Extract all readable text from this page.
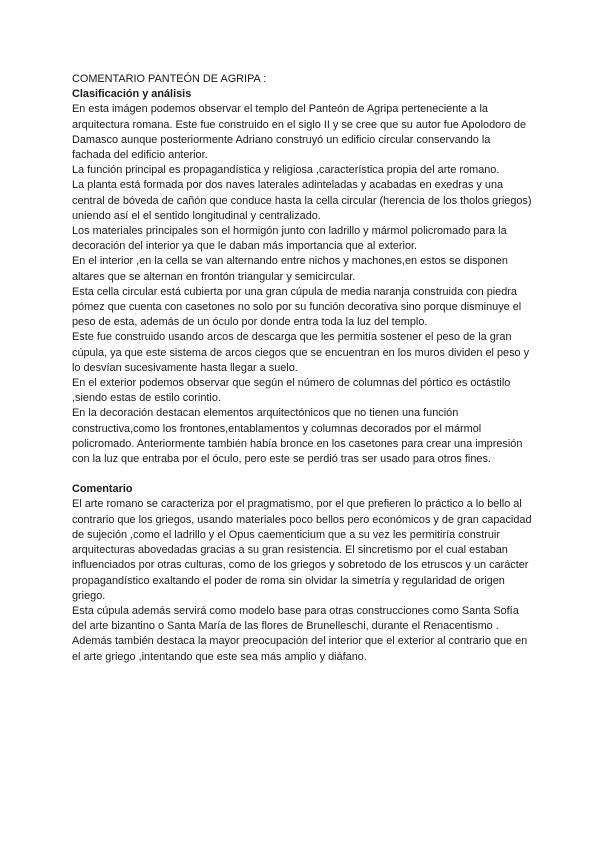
COMENTARIO PANTEÓN DE AGRIPA :

Clasificación y análisis

En esta imágen podemos observar el templo del Panteón de Agripa perteneciente a la arquitectura romana. Este fue construido en el siglo II y se cree que su autor fue Apolodoro de Damasco aunque posteriormente Adriano construyó un edificio circular conservando la fachada del edificio anterior.

La función principal es propagandística y religiosa ,característica propia del arte romano.

La planta está formada por dos naves laterales adinteladas y acabadas en exedras y una central de bóveda de cañón que conduce hasta la cella circular (herencia de los tholos griegos) uniendo así el el sentido longitudinal y centralizado.

Los materiales principales son el hormigón junto con ladrillo y mármol policromado para la decoración del interior ya que le daban más importancia que al exterior.

En el interior ,en la cella se van alternando entre nichos y machones,en estos se disponen altares que se alternan en frontón triangular y semicircular.

Esta cella circular está cubierta por una gran cúpula de media naranja construida con piedra pómez que cuenta con casetones no solo por su función decorativa sino porque disminuye el peso de esta, además de un óculo por donde entra toda la luz del templo.

Este fue construido usando arcos de descarga que les permitía sostener el peso de la gran cúpula, ya que este sistema de arcos ciegos que se encuentran en los muros dividen el peso y lo desvían sucesivamente hasta llegar a suelo.

En el exterior podemos observar que según el número de columnas del pórtico es octástilo ,siendo estas de estilo corintio.

En la decoración destacan elementos arquitectónicos que no tienen una función constructiva,como los frontones,entablamentos y columnas decorados por el mármol policromado. Anteriormente también había bronce en los casetones para crear una impresión con la luz que entraba por el óculo, pero este se perdió tras ser usado para otros fines.

Comentario

El arte romano se caracteriza por el pragmatismo, por el que prefieren lo práctico a lo bello al contrario que los griegos, usando materiales poco bellos pero económicos y de gran capacidad de sujeción ,como el ladrillo y el Opus caementicium que a su vez les permitiría construir arquitecturas abovedadas gracias a su gran resistencia. El sincretismo por el cual estaban influenciados por otras culturas, como de los griegos y sobretodo de los etruscos y un carácter propagandístico exaltando el poder de roma sin olvidar la simetría y regularidad de origen griego.

Esta cúpula además servirá como modelo base para otras construcciones como Santa Sofía del arte bizantino o Santa María de las flores de Brunelleschi, durante el Renacentismo .

Además también destaca la mayor preocupación del interior que el exterior al contrario que en el arte griego ,intentando que este sea más amplio y diáfano.
